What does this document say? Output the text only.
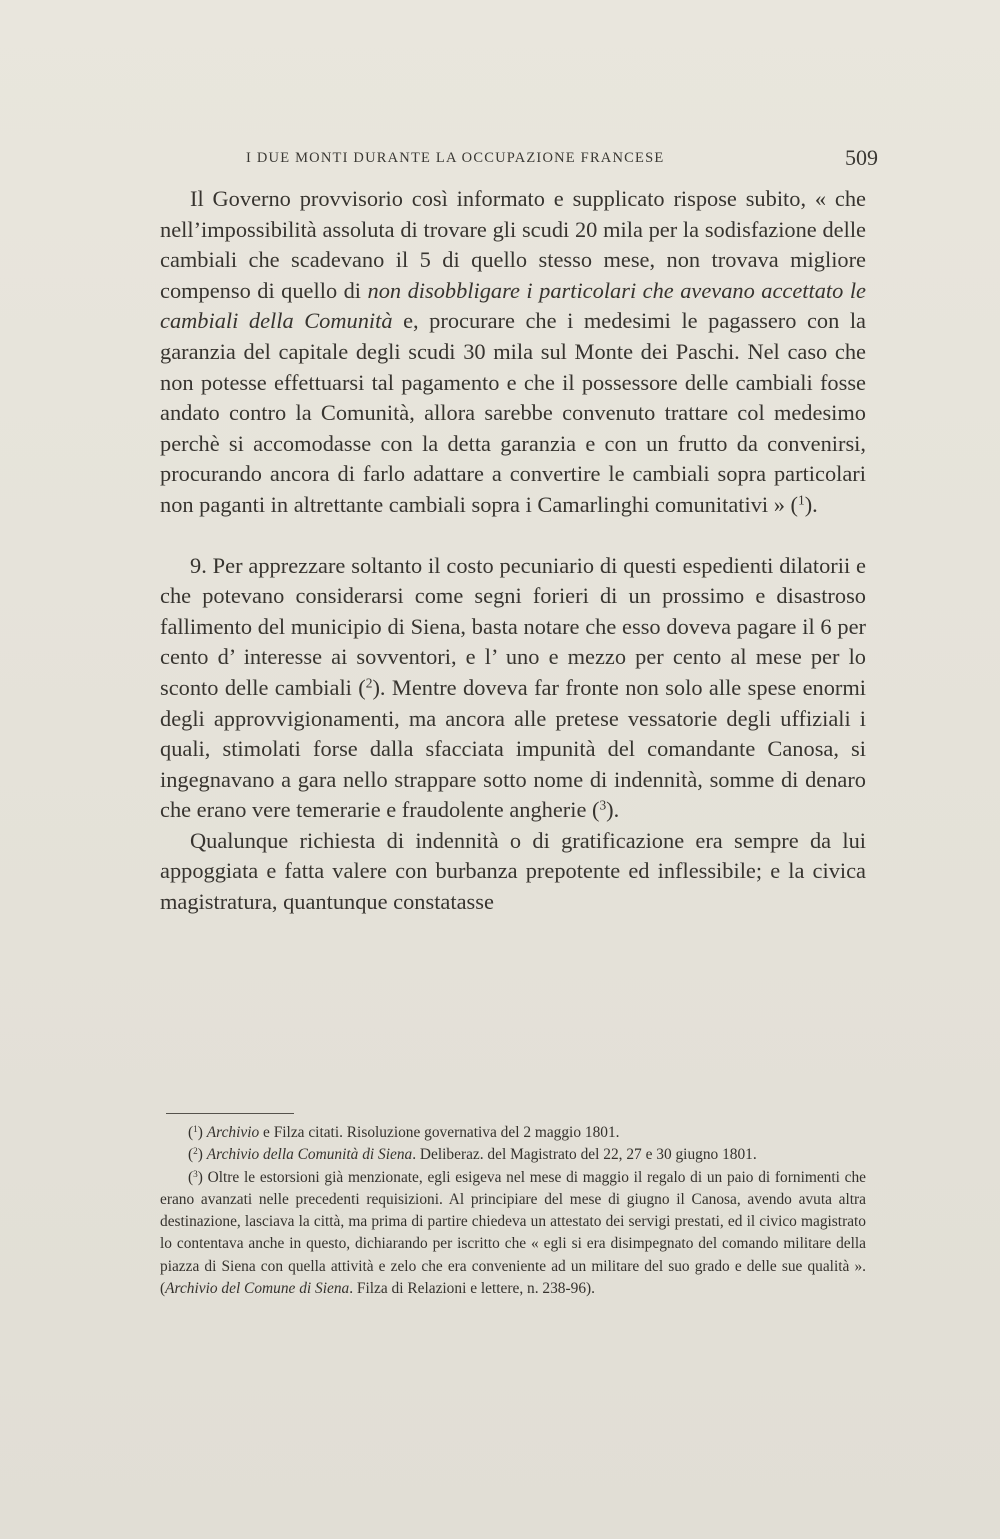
I DUE MONTI DURANTE LA OCCUPAZIONE FRANCESE	509

Il Governo provvisorio così informato e supplicato rispose subito, « che nell’impossibilità assoluta di trovare gli scudi 20 mila per la sodisfazione delle cambiali che scadevano il 5 di quello stesso mese, non trovava migliore compenso di quello di non disobbligare i particolari che avevano accettato le cambiali della Comunità e, procurare che i medesimi le pagassero con la garanzia del capitale degli scudi 30 mila sul Monte dei Paschi. Nel caso che non potesse effettuarsi tal pagamento e che il possessore delle cambiali fosse andato contro la Comunità, allora sarebbe convenuto trattare col medesimo perchè si accomodasse con la detta garanzia e con un frutto da convenirsi, procurando ancora di farlo adattare a convertire le cambiali sopra particolari non paganti in altrettante cambiali sopra i Camarlinghi comunitativi » ($^1$).

9. Per apprezzare soltanto il costo pecuniario di questi espedienti dilatorii e che potevano considerarsi come segni forieri di un prossimo e disastroso fallimento del municipio di Siena, basta notare che esso doveva pagare il 6 per cento d’ interesse ai sovventori, e l’ uno e mezzo per cento al mese per lo sconto delle cambiali ($^2$). Mentre doveva far fronte non solo alle spese enormi degli approvvigionamenti, ma ancora alle pretese vessatorie degli uffiziali i quali, stimolati forse dalla sfacciata impunità del comandante Canosa, si ingegnavano a gara nello strappare sotto nome di indennità, somme di denaro che erano vere temerarie e fraudolente angherie ($^3$).

Qualunque richiesta di indennità o di gratificazione era sempre da lui appoggiata e fatta valere con burbanza prepotente ed inflessibile; e la civica magistratura, quantunque constatasse

($^1$) Archivio e Filza citati. Risoluzione governativa del 2 maggio 1801.

($^2$) Archivio della Comunità di Siena. Deliberaz. del Magistrato del 22, 27 e 30 giugno 1801.

($^3$) Oltre le estorsioni già menzionate, egli esigeva nel mese di maggio il regalo di un paio di fornimenti che erano avanzati nelle precedenti requisizioni. Al principiare del mese di giugno il Canosa, avendo avuta altra destinazione, lasciava la città, ma prima di partire chiedeva un attestato dei servigi prestati, ed il civico magistrato lo contentava anche in questo, dichiarando per iscritto che « egli si era disimpegnato del comando militare della piazza di Siena con quella attività e zelo che era conveniente ad un militare del suo grado e delle sue qualità ». (Archivio del Comune di Siena. Filza di Relazioni e lettere, n. 238-96).
